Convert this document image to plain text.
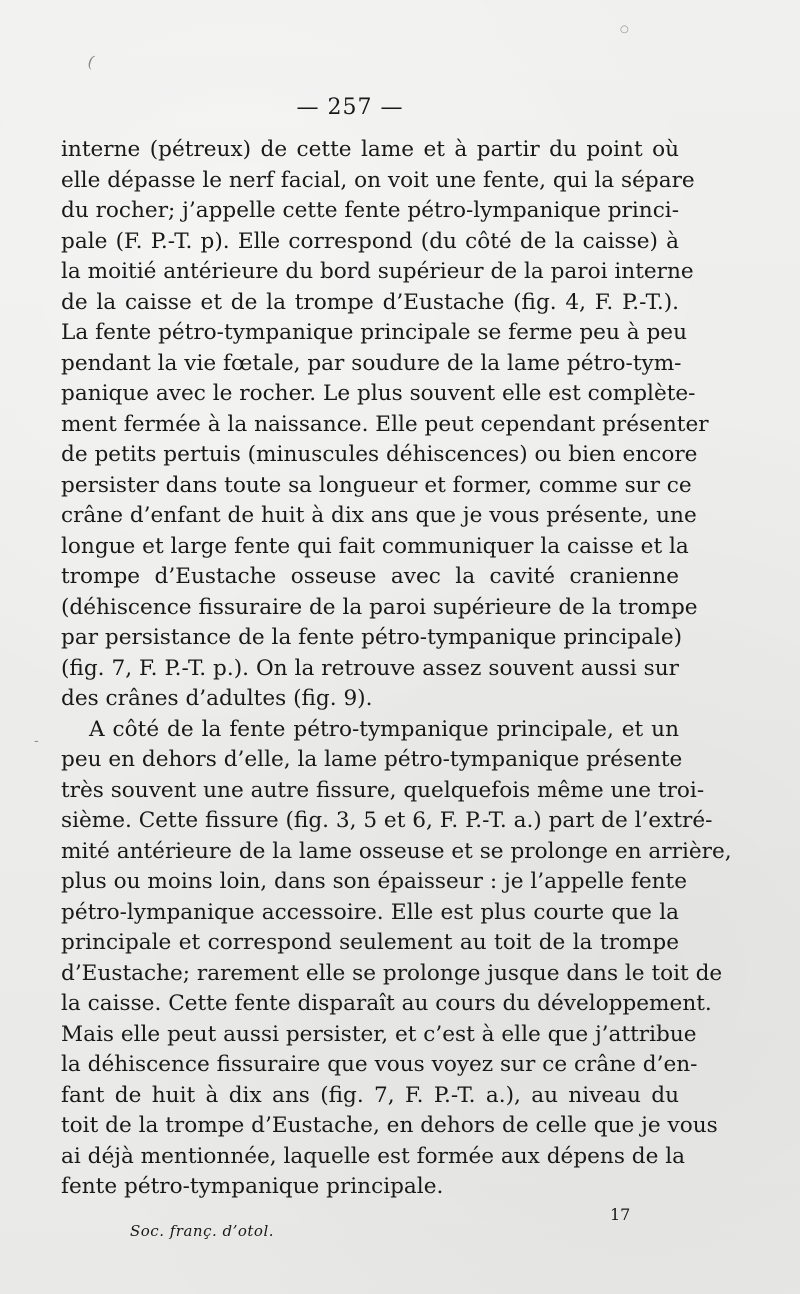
(
○
-
— 257 —
interne (pétreux) de cette lame et à partir du point où
elle dépasse le nerf facial, on voit une fente, qui la sépare
du rocher; j’appelle cette fente pétro-lympanique princi-
pale (F. P.-T. p). Elle correspond (du côté de la caisse) à
la moitié antérieure du bord supérieur de la paroi interne
de la caisse et de la trompe d’Eustache (fig. 4, F. P.-T.).
La fente pétro-tympanique principale se ferme peu à peu
pendant la vie fœtale, par soudure de la lame pétro-tym-
panique avec le rocher. Le plus souvent elle est complète-
ment fermée à la naissance. Elle peut cependant présenter
de petits pertuis (minuscules déhiscences) ou bien encore
persister dans toute sa longueur et former, comme sur ce
crâne d’enfant de huit à dix ans que je vous présente, une
longue et large fente qui fait communiquer la caisse et la
trompe d’Eustache osseuse avec la cavité cranienne
(déhiscence fissuraire de la paroi supérieure de la trompe
par persistance de la fente pétro-tympanique principale)
(fig. 7, F. P.-T. p.). On la retrouve assez souvent aussi sur
des crânes d’adultes (fig. 9).
A côté de la fente pétro-tympanique principale, et un
peu en dehors d’elle, la lame pétro-tympanique présente
très souvent une autre fissure, quelquefois même une troi-
sième. Cette fissure (fig. 3, 5 et 6, F. P.-T. a.) part de l’extré-
mité antérieure de la lame osseuse et se prolonge en arrière,
plus ou moins loin, dans son épaisseur : je l’appelle fente
pétro-lympanique accessoire. Elle est plus courte que la
principale et correspond seulement au toit de la trompe
d’Eustache; rarement elle se prolonge jusque dans le toit de
la caisse. Cette fente disparaît au cours du développement.
Mais elle peut aussi persister, et c’est à elle que j’attribue
la déhiscence fissuraire que vous voyez sur ce crâne d’en-
fant de huit à dix ans (fig. 7, F. P.-T. a.), au niveau du
toit de la trompe d’Eustache, en dehors de celle que je vous
ai déjà mentionnée, laquelle est formée aux dépens de la
fente pétro-tympanique principale.
Soc. franç. d’otol.
17
